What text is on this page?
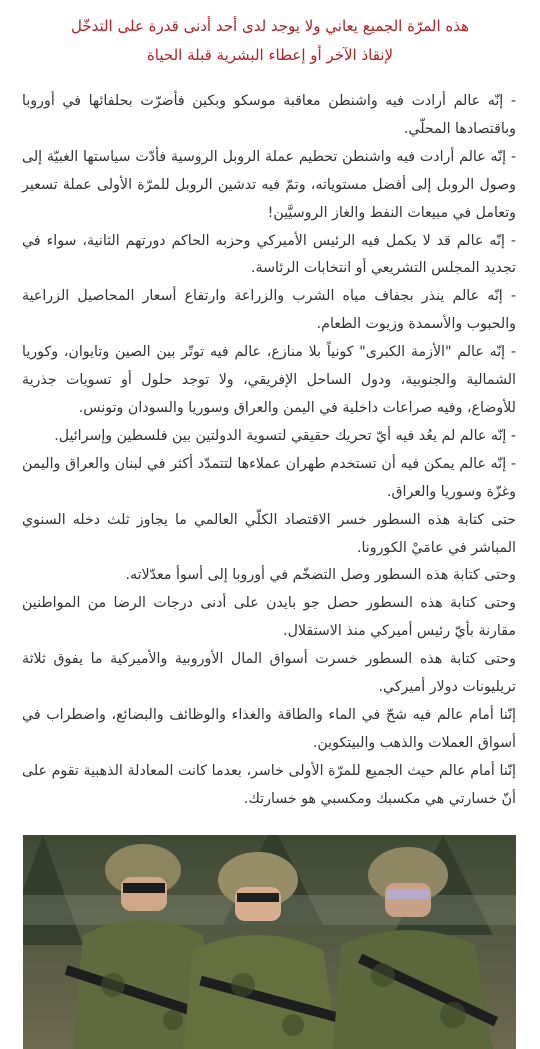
هذه المرّة الجميع يعاني ولا يوجد لدى أحد أدنى قدرة على التدخّل
لإنقاذ الآخر أو إعطاء البشرية قبلة الحياة

- إنّه عالم أرادت فيه واشنطن معاقبة موسكو وبكين فأضرّت بحلفائها في أوروبا وباقتصادها المحلّي.

- إنّه عالم أرادت فيه واشنطن تحطيم عملة الروبل الروسية فأدّت سياستها الغبيّة إلى وصول الروبل إلى أفضل مستوياته، وتمّ فيه تدشين الروبل للمرّة الأولى عملة تسعير وتعامل في مبيعات النفط والغاز الروسيَّين!

- إنّه عالم قد لا يكمل فيه الرئيس الأميركي وحزبه الحاكم دورتهم الثانية، سواء في تجديد المجلس التشريعي أو انتخابات الرئاسة.

- إنّه عالم ينذر بجفاف مياه الشرب والزراعة وارتفاع أسعار المحاصيل الزراعية والحبوب والأسمدة وزيوت الطعام.

- إنّه عالم "الأزمة الكبرى" كونياً بلا منازع، عالم فيه توتّر بين الصين وتايوان، وكوريا الشمالية والجنوبية، ودول الساحل الإفريقي، ولا توجد حلول أو تسويات جذرية للأوضاع، وفيه صراعات داخلية في اليمن والعراق وسوريا والسودان وتونس.

- إنّه عالم لم يعُد فيه أيّ تحريك حقيقي لتسوية الدولتين بين فلسطين وإسرائيل.

- إنّه عالم يمكن فيه أن تستخدم طهران عملاءها لتتمدّد أكثر في لبنان والعراق واليمن وغزّة وسوريا والعراق.

حتى كتابة هذه السطور خسر الاقتصاد الكلّي العالمي ما يجاوز ثلث دخله السنوي المباشر في عامَيْ الكورونا.

وحتى كتابة هذه السطور وصل التضخّم في أوروبا إلى أسوأ معدّلاته.

وحتى كتابة هذه السطور حصل جو بايدن على أدنى درجات الرضا من المواطنين مقارنة بأيّ رئيس أميركي منذ الاستقلال.

وحتى كتابة هذه السطور خسرت أسواق المال الأوروبية والأميركية ما يفوق ثلاثة تريليونات دولار أميركي.

إنّنا أمام عالم فيه شحّ في الماء والطاقة والغذاء والوظائف والبضائع، واضطراب في أسواق العملات والذهب والبيتكوين.

إنّنا أمام عالم حيث الجميع للمرّة الأولى خاسر، بعدما كانت المعادلة الذهبية تقوم على أنّ خسارتي هي مكسبك ومكسبي هو خسارتك.
